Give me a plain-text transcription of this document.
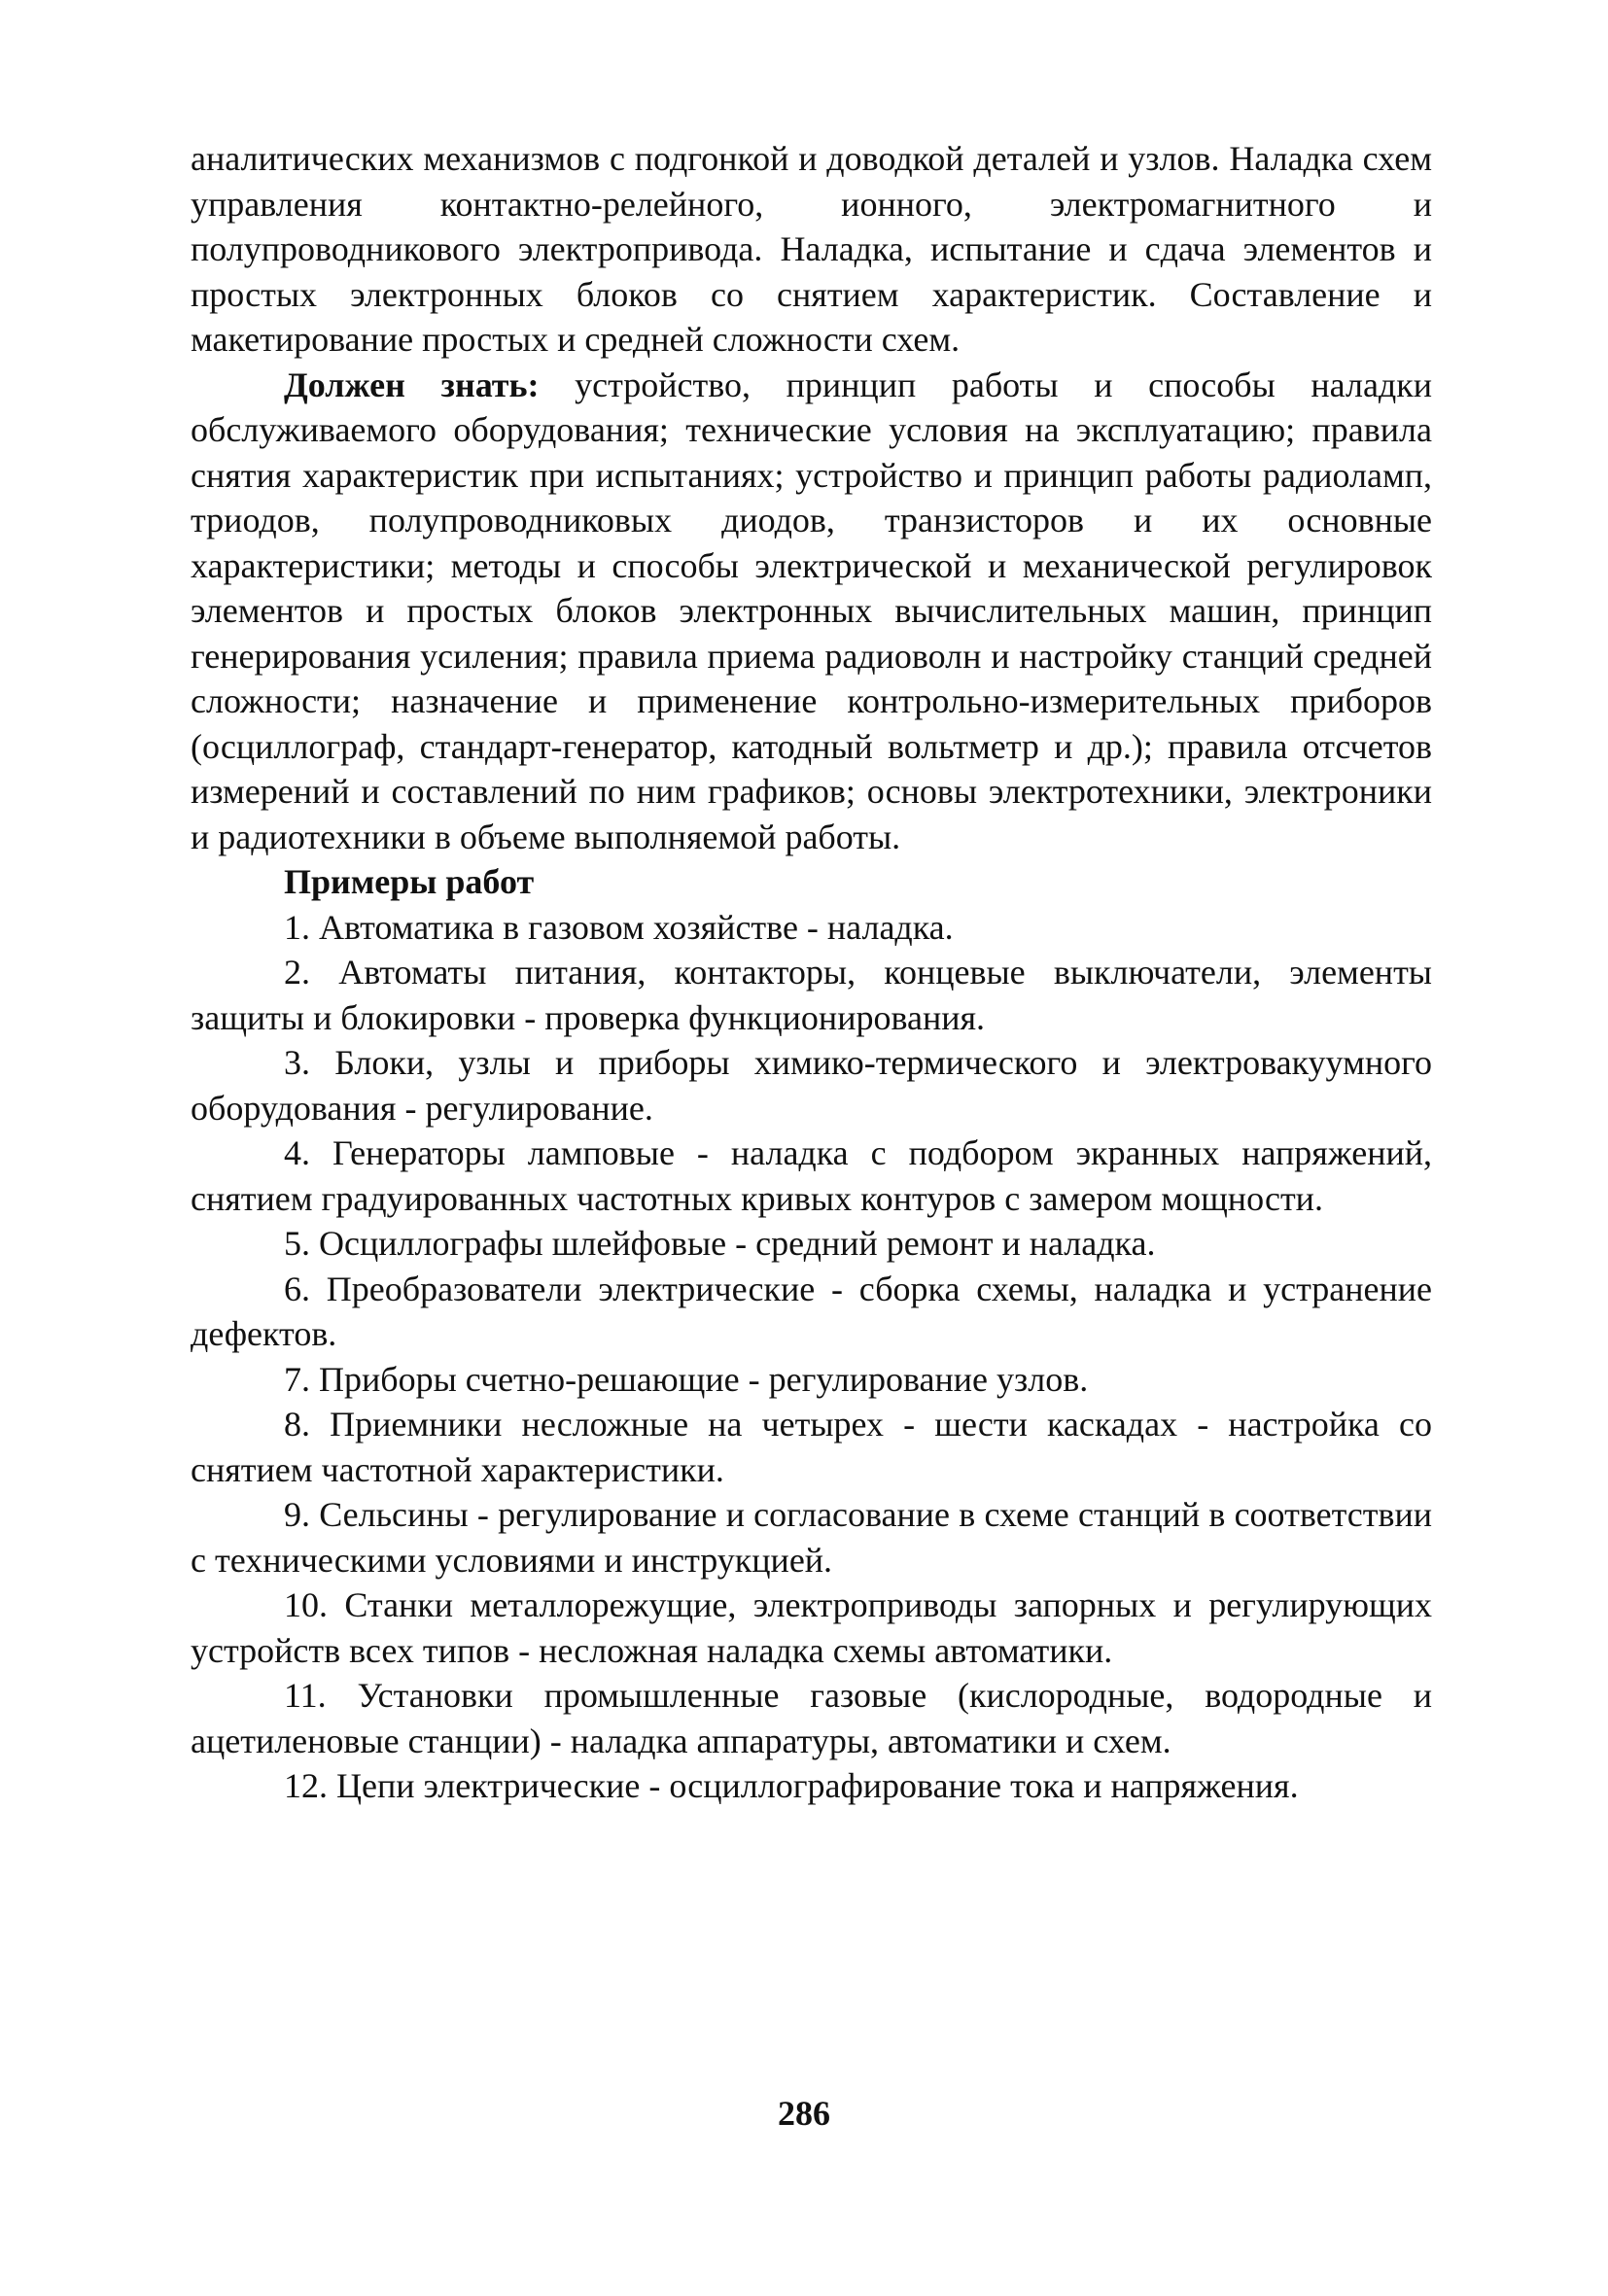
аналитических механизмов с подгонкой и доводкой деталей и узлов. Наладка схем управления контактно-релейного, ионного, электромагнитного и полупроводникового электропривода. Наладка, испытание и сдача элементов и простых электронных блоков со снятием характеристик. Составление и макетирование простых и средней сложности схем.

Должен знать: устройство, принцип работы и способы наладки обслуживаемого оборудования; технические условия на эксплуатацию; правила снятия характеристик при испытаниях; устройство и принцип работы радиоламп, триодов, полупроводниковых диодов, транзисторов и их основные характеристики; методы и способы электрической и механической регулировок элементов и простых блоков электронных вычислительных машин, принцип генерирования усиления; правила приема радиоволн и настройку станций средней сложности; назначение и применение контрольно-измерительных приборов (осциллограф, стандарт-генератор, катодный вольтметр и др.); правила отсчетов измерений и составлений по ним графиков; основы электротехники, электроники и радиотехники в объеме выполняемой работы.

Примеры работ

1. Автоматика в газовом хозяйстве - наладка.

2. Автоматы питания, контакторы, концевые выключатели, элементы защиты и блокировки - проверка функционирования.

3. Блоки, узлы и приборы химико-термического и электровакуумного оборудования - регулирование.

4. Генераторы ламповые - наладка с подбором экранных напряжений, снятием градуированных частотных кривых контуров с замером мощности.

5. Осциллографы шлейфовые - средний ремонт и наладка.

6. Преобразователи электрические - сборка схемы, наладка и устранение дефектов.

7. Приборы счетно-решающие - регулирование узлов.

8. Приемники несложные на четырех - шести каскадах - настройка со снятием частотной характеристики.

9. Сельсины - регулирование и согласование в схеме станций в соответствии с техническими условиями и инструкцией.

10. Станки металлорежущие, электроприводы запорных и регулирующих устройств всех типов - несложная наладка схемы автоматики.

11. Установки промышленные газовые (кислородные, водородные и ацетиленовые станции) - наладка аппаратуры, автоматики и схем.

12. Цепи электрические - осциллографирование тока и напряжения.

286
